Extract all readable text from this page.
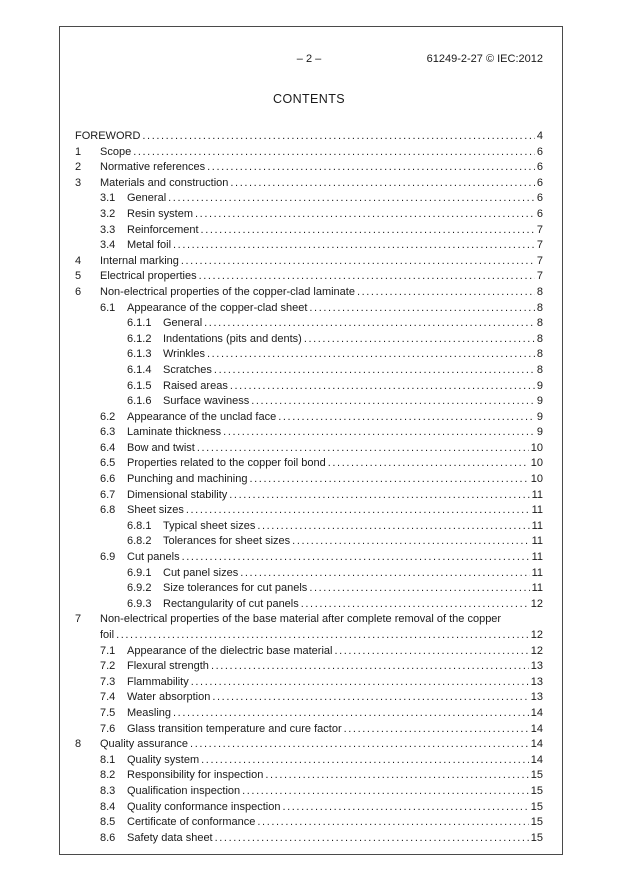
– 2 –	61249-2-27 © IEC:2012
CONTENTS
FOREWORD .....	4
1	Scope .....	6
2	Normative references .....	6
3	Materials and construction .....	6
3.1	General .....	6
3.2	Resin system .....	6
3.3	Reinforcement .....	7
3.4	Metal foil .....	7
4	Internal marking .....	7
5	Electrical properties .....	7
6	Non-electrical properties of the copper-clad laminate .....	8
6.1	Appearance of the copper-clad sheet .....	8
6.1.1	General .....	8
6.1.2	Indentations (pits and dents) .....	8
6.1.3	Wrinkles .....	8
6.1.4	Scratches .....	8
6.1.5	Raised areas .....	9
6.1.6	Surface waviness .....	9
6.2	Appearance of the unclad face .....	9
6.3	Laminate thickness .....	9
6.4	Bow and twist .....	10
6.5	Properties related to the copper foil bond .....	10
6.6	Punching and machining .....	10
6.7	Dimensional stability .....	11
6.8	Sheet sizes .....	11
6.8.1	Typical sheet sizes .....	11
6.8.2	Tolerances for sheet sizes .....	11
6.9	Cut panels .....	11
6.9.1	Cut panel sizes .....	11
6.9.2	Size tolerances for cut panels .....	11
6.9.3	Rectangularity of cut panels .....	12
7	Non-electrical properties of the base material after complete removal of the copper
foil .....	12
7.1	Appearance of the dielectric base material .....	12
7.2	Flexural strength .....	13
7.3	Flammability .....	13
7.4	Water absorption .....	13
7.5	Measling .....	14
7.6	Glass transition temperature and cure factor .....	14
8	Quality assurance .....	14
8.1	Quality system .....	14
8.2	Responsibility for inspection .....	15
8.3	Qualification inspection .....	15
8.4	Quality conformance inspection .....	15
8.5	Certificate of conformance .....	15
8.6	Safety data sheet .....	15
